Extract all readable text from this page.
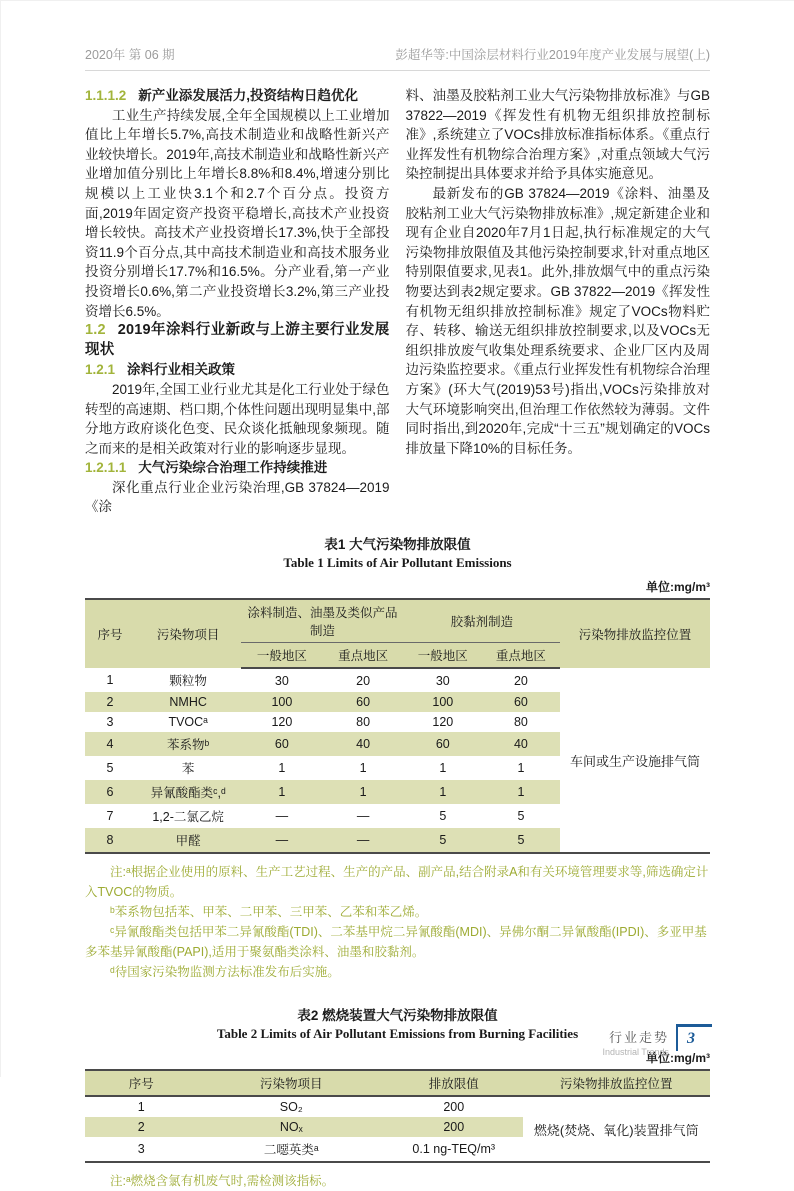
2020年 第 06 期	彭超华等:中国涂层材料行业2019年度产业发展与展望(上)

1.1.1.2 新产业添发展活力,投资结构日趋优化

工业生产持续发展,全年全国规模以上工业增加值比上年增长5.7%,高技术制造业和战略性新兴产业较快增长。2019年,高技术制造业和战略性新兴产业增加值分别比上年增长8.8%和8.4%,增速分别比规模以上工业快3.1个和2.7个百分点。投资方面,2019年固定资产投资平稳增长,高技术产业投资增长较快。高技术产业投资增长17.3%,快于全部投资11.9个百分点,其中高技术制造业和高技术服务业投资分别增长17.7%和16.5%。分产业看,第一产业投资增长0.6%,第二产业投资增长3.2%,第三产业投资增长6.5%。

1.2 2019年涂料行业新政与上游主要行业发展现状

1.2.1 涂料行业相关政策

2019年,全国工业行业尤其是化工行业处于绿色转型的高速期、档口期,个体性问题出现明显集中,部分地方政府谈化色变、民众谈化抵触现象频现。随之而来的是相关政策对行业的影响逐步显现。

1.2.1.1 大气污染综合治理工作持续推进

深化重点行业企业污染治理,GB 37824—2019《涂

料、油墨及胶粘剂工业大气污染物排放标准》与GB 37822—2019《挥发性有机物无组织排放控制标准》,系统建立了VOCs排放标准指标体系。《重点行业挥发性有机物综合治理方案》,对重点领域大气污染控制提出具体要求并给予具体实施意见。

最新发布的GB 37824—2019《涂料、油墨及胶粘剂工业大气污染物排放标准》,规定新建企业和现有企业自2020年7月1日起,执行标准规定的大气污染物排放限值及其他污染控制要求,针对重点地区特别限值要求,见表1。此外,排放烟气中的重点污染物要达到表2规定要求。GB 37822—2019《挥发性有机物无组织排放控制标准》规定了VOCs物料贮存、转移、输送无组织排放控制要求,以及VOCs无组织排放废气收集处理系统要求、企业厂区内及周边污染监控要求。《重点行业挥发性有机物综合治理方案》(环大气(2019)53号)指出,VOCs污染排放对大气环境影响突出,但治理工作依然较为薄弱。文件同时指出,到2020年,完成“十三五”规划确定的VOCs排放量下降10%的目标任务。

表1 大气污染物排放限值

Table 1 Limits of Air Pollutant Emissions

单位:mg/m³

序号	污染物项目	涂料制造、油墨及类似产品制造		胶黏剂制造		污染物排放监控位置
		一般地区	重点地区	一般地区	重点地区	
1	颗粒物	30	20	30	20	车间或生产设施排气筒
2	NMHC	100	60	100	60	
3	TVOCᵃ	120	80	120	80	
4	苯系物ᵇ	60	40	60	40	
5	苯	1	1	1	1	
6	异氰酸酯类ᶜ,ᵈ	1	1	1	1	
7	1,2-二氯乙烷	—	—	5	5	
8	甲醛	—	—	5	5	

注:ᵃ根据企业使用的原料、生产工艺过程、生产的产品、副产品,结合附录A和有关环境管理要求等,筛选确定计入TVOC的物质。

ᵇ苯系物包括苯、甲苯、二甲苯、三甲苯、乙苯和苯乙烯。

ᶜ异氰酸酯类包括甲苯二异氰酸酯(TDI)、二苯基甲烷二异氰酸酯(MDI)、异佛尔酮二异氰酸酯(IPDI)、多亚甲基多苯基异氰酸酯(PAPI),适用于聚氨酯类涂料、油墨和胶黏剂。

ᵈ待国家污染物监测方法标准发布后实施。

表2 燃烧装置大气污染物排放限值

Table 2 Limits of Air Pollutant Emissions from Burning Facilities

单位:mg/m³

序号	污染物项目	排放限值	污染物排放监控位置
1	SO₂	200	燃烧(焚烧、氧化)装置排气筒
2	NOₓ	200	
3	二噁英类ᵃ	0.1 ng-TEQ/m³	

注:ᵃ燃烧含氯有机废气时,需检测该指标。

行业走势
Industrial Trends
3
